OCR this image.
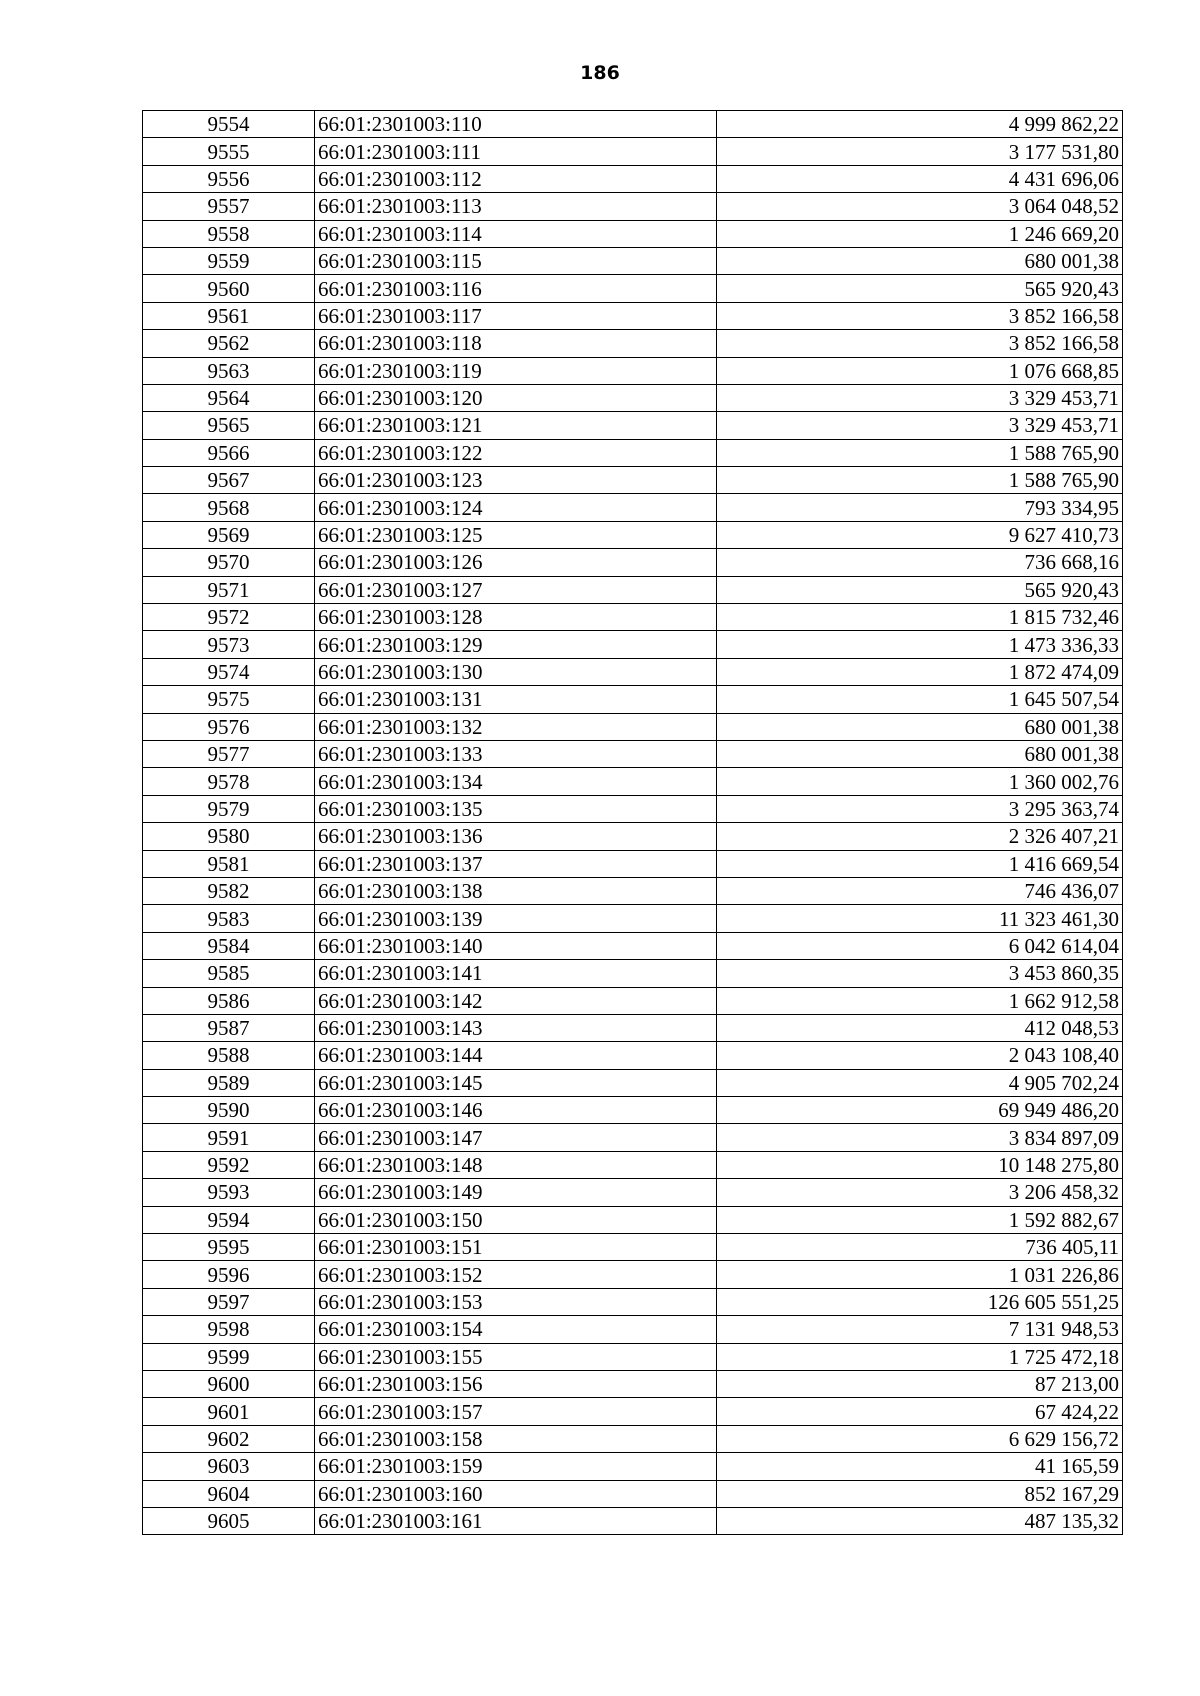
186
9554	66:01:2301003:110	4 999 862,22
9555	66:01:2301003:111	3 177 531,80
9556	66:01:2301003:112	4 431 696,06
9557	66:01:2301003:113	3 064 048,52
9558	66:01:2301003:114	1 246 669,20
9559	66:01:2301003:115	680 001,38
9560	66:01:2301003:116	565 920,43
9561	66:01:2301003:117	3 852 166,58
9562	66:01:2301003:118	3 852 166,58
9563	66:01:2301003:119	1 076 668,85
9564	66:01:2301003:120	3 329 453,71
9565	66:01:2301003:121	3 329 453,71
9566	66:01:2301003:122	1 588 765,90
9567	66:01:2301003:123	1 588 765,90
9568	66:01:2301003:124	793 334,95
9569	66:01:2301003:125	9 627 410,73
9570	66:01:2301003:126	736 668,16
9571	66:01:2301003:127	565 920,43
9572	66:01:2301003:128	1 815 732,46
9573	66:01:2301003:129	1 473 336,33
9574	66:01:2301003:130	1 872 474,09
9575	66:01:2301003:131	1 645 507,54
9576	66:01:2301003:132	680 001,38
9577	66:01:2301003:133	680 001,38
9578	66:01:2301003:134	1 360 002,76
9579	66:01:2301003:135	3 295 363,74
9580	66:01:2301003:136	2 326 407,21
9581	66:01:2301003:137	1 416 669,54
9582	66:01:2301003:138	746 436,07
9583	66:01:2301003:139	11 323 461,30
9584	66:01:2301003:140	6 042 614,04
9585	66:01:2301003:141	3 453 860,35
9586	66:01:2301003:142	1 662 912,58
9587	66:01:2301003:143	412 048,53
9588	66:01:2301003:144	2 043 108,40
9589	66:01:2301003:145	4 905 702,24
9590	66:01:2301003:146	69 949 486,20
9591	66:01:2301003:147	3 834 897,09
9592	66:01:2301003:148	10 148 275,80
9593	66:01:2301003:149	3 206 458,32
9594	66:01:2301003:150	1 592 882,67
9595	66:01:2301003:151	736 405,11
9596	66:01:2301003:152	1 031 226,86
9597	66:01:2301003:153	126 605 551,25
9598	66:01:2301003:154	7 131 948,53
9599	66:01:2301003:155	1 725 472,18
9600	66:01:2301003:156	87 213,00
9601	66:01:2301003:157	67 424,22
9602	66:01:2301003:158	6 629 156,72
9603	66:01:2301003:159	41 165,59
9604	66:01:2301003:160	852 167,29
9605	66:01:2301003:161	487 135,32
